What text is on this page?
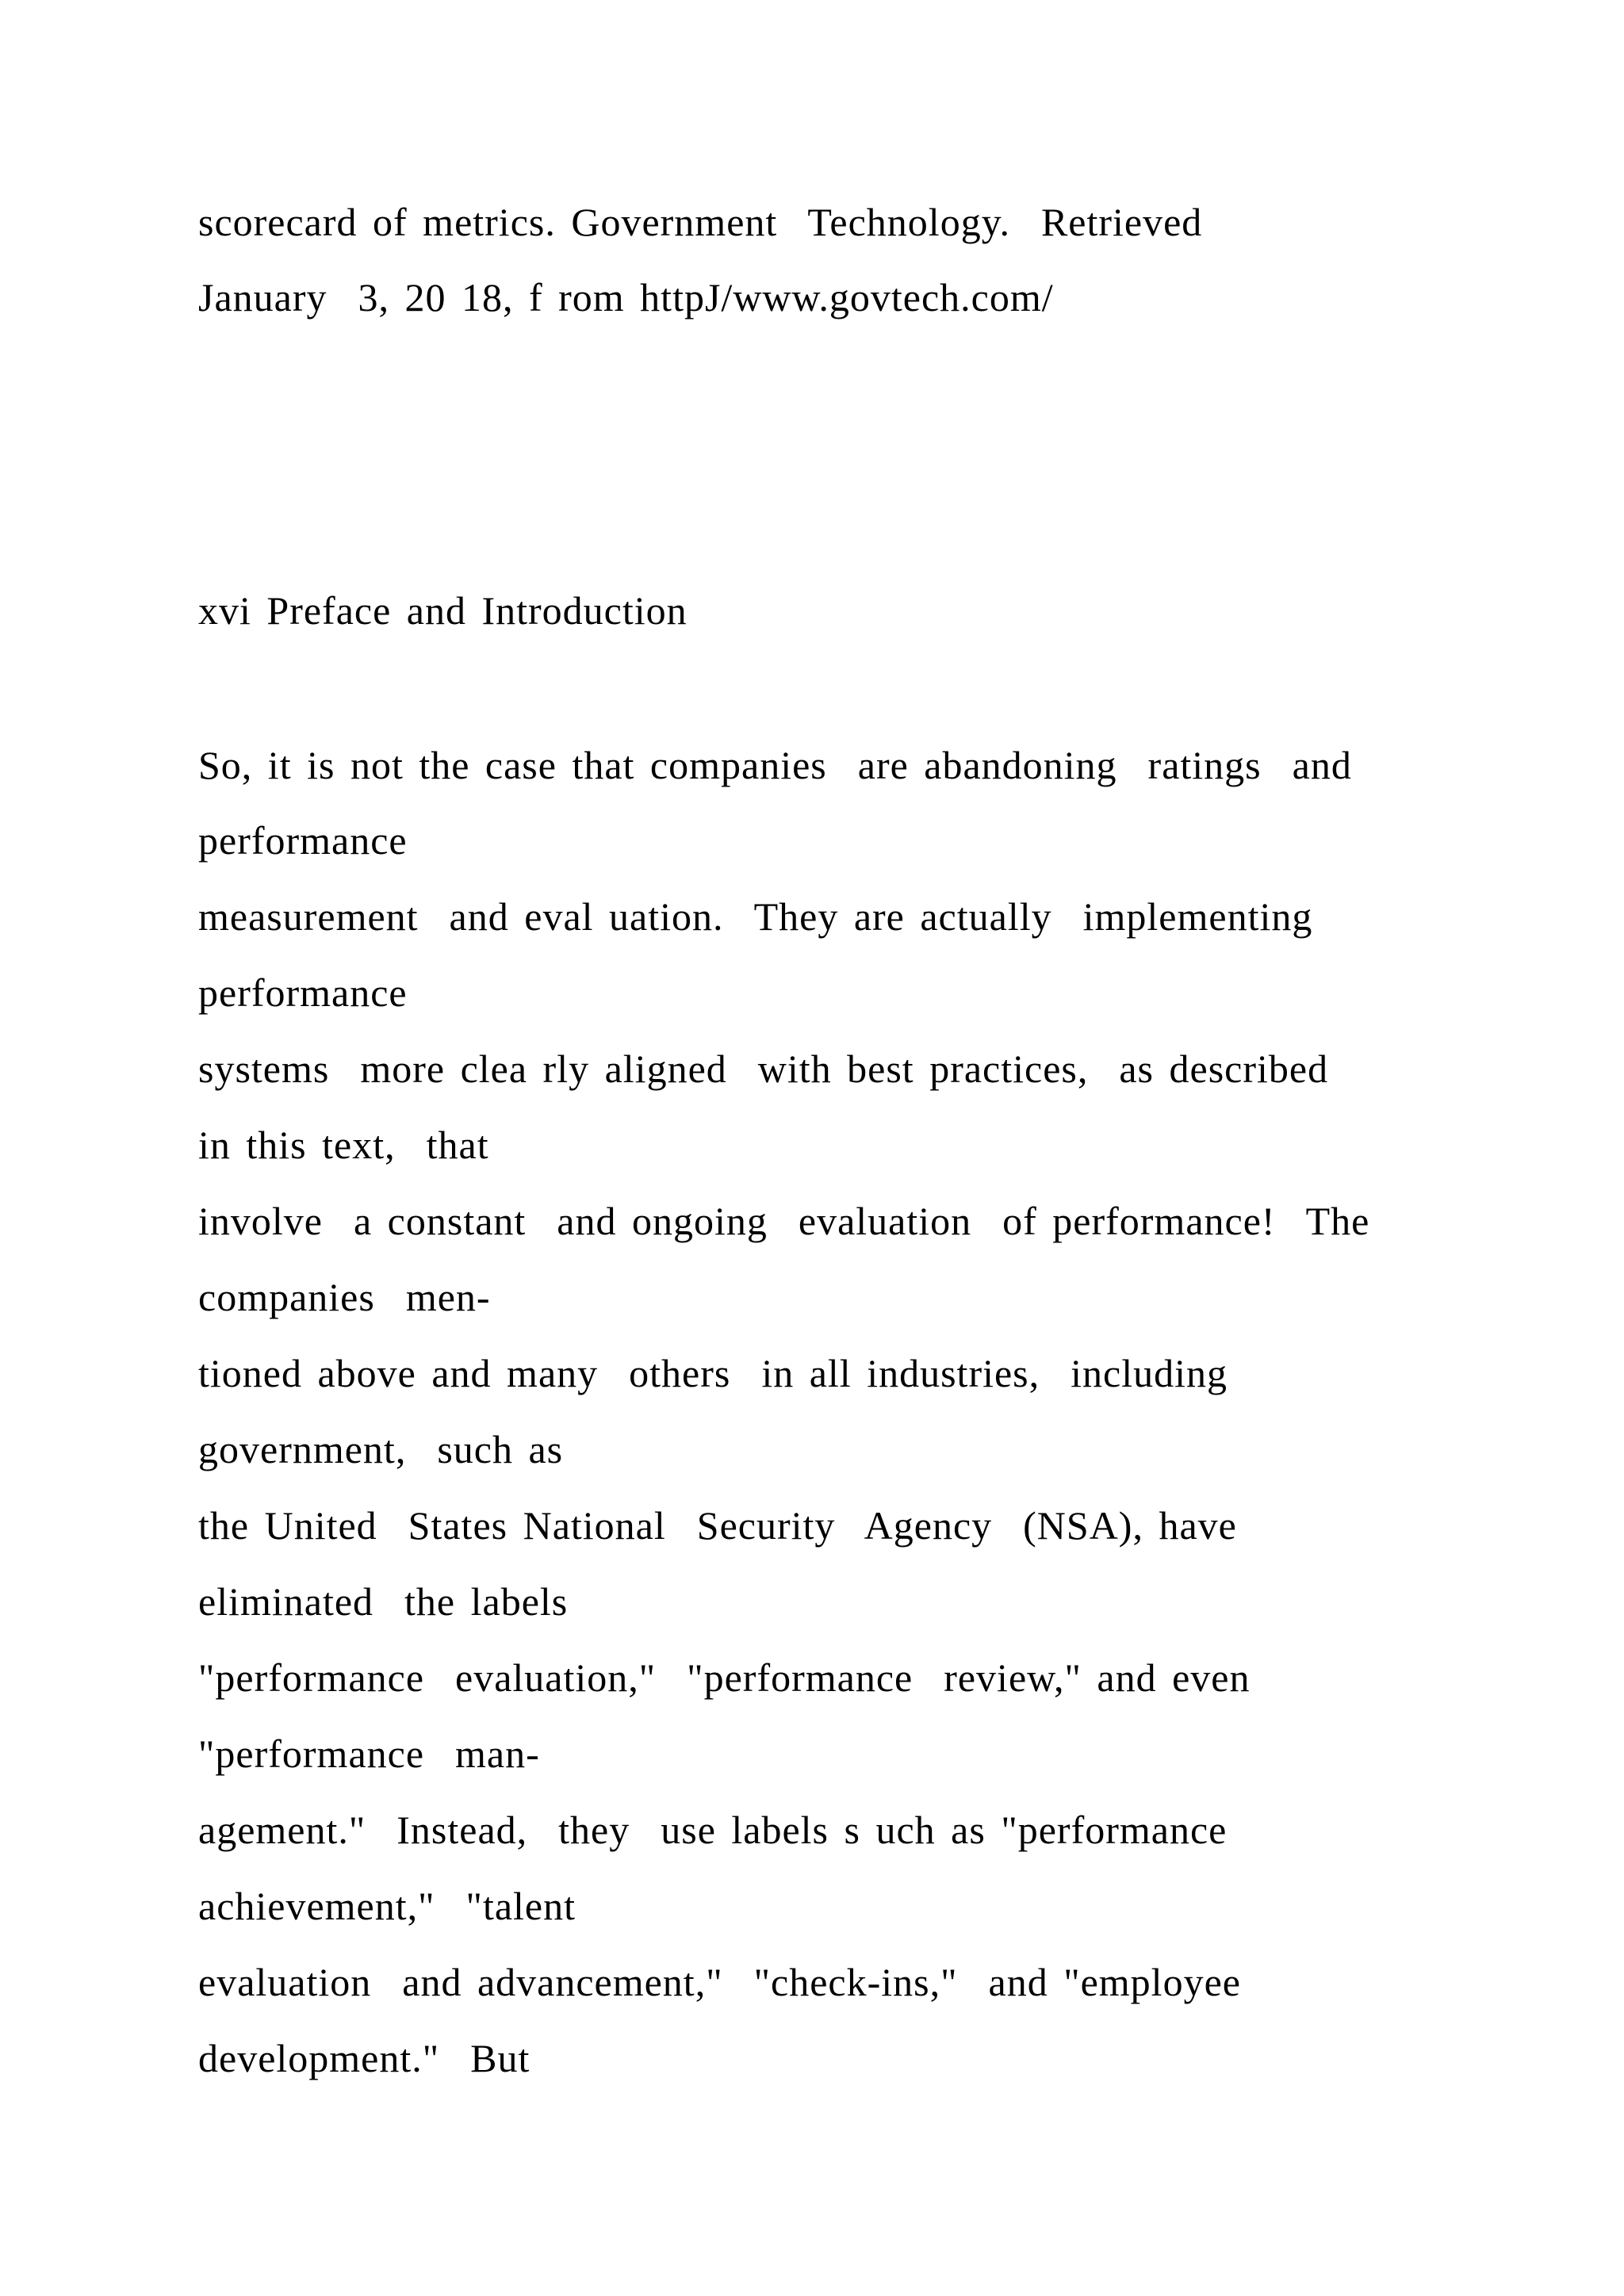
scorecard of metrics. Government  Technology.  Retrieved

January  3, 20 18, f rom httpJ/www.govtech.com/

xvi Preface and Introduction

So, it is not the case that companies  are abandoning  ratings  and

performance

measurement  and eval uation.  They are actually  implementing

performance

systems  more clea rly aligned  with best practices,  as described

in this text,  that

involve  a constant  and ongoing  evaluation  of performance!  The

companies  men-

tioned above and many  others  in all industries,  including

government,  such as

the United  States National  Security  Agency  (NSA), have

eliminated  the labels

"performance  evaluation,"  "performance  review," and even

"performance  man-

agement."  Instead,  they  use labels s uch as "performance

achievement,"  "talent

evaluation  and advancement,"  "check-ins,"  and "employee

development."  But
